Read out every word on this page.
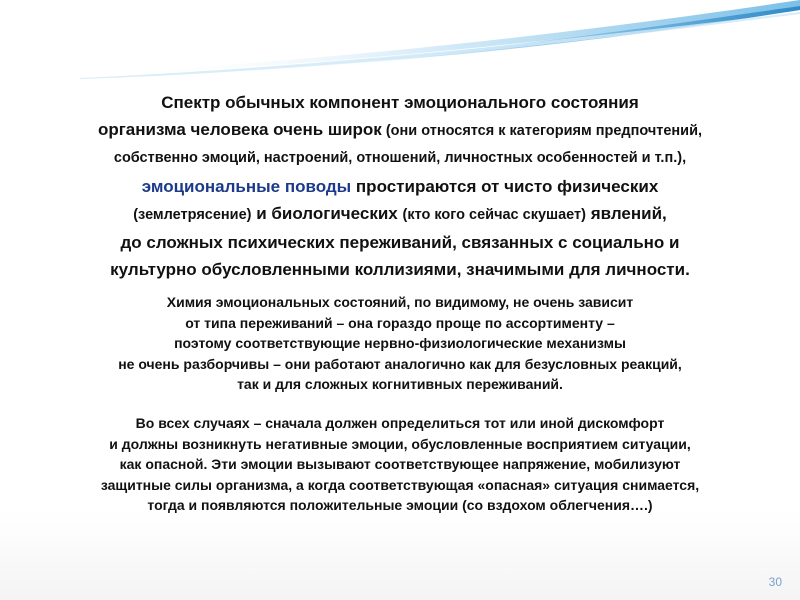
Спектр обычных компонент эмоционального состояния
организма человека очень широк (они относятся к категориям предпочтений,
собственно эмоций, настроений, отношений, личностных особенностей и т.п.),
эмоциональные поводы простираются от чисто физических
(землетрясение) и биологических (кто кого сейчас скушает) явлений,
до сложных психических переживаний, связанных с социально и
культурно обусловленными коллизиями, значимыми для личности.

Химия эмоциональных состояний, по видимому, не очень зависит
от типа переживаний – она гораздо проще по ассортименту –
поэтому соответствующие нервно-физиологические механизмы
не очень разборчивы – они работают аналогично как для безусловных реакций,
так и для сложных когнитивных переживаний.

Во всех случаях – сначала должен определиться тот или иной дискомфорт
и должны возникнуть негативные эмоции, обусловленные восприятием ситуации,
как опасной. Эти эмоции вызывают соответствующее напряжение, мобилизуют
защитные силы организма, а когда соответствующая «опасная» ситуация снимается,
тогда и появляются положительные эмоции (со вздохом облегчения….)

30
